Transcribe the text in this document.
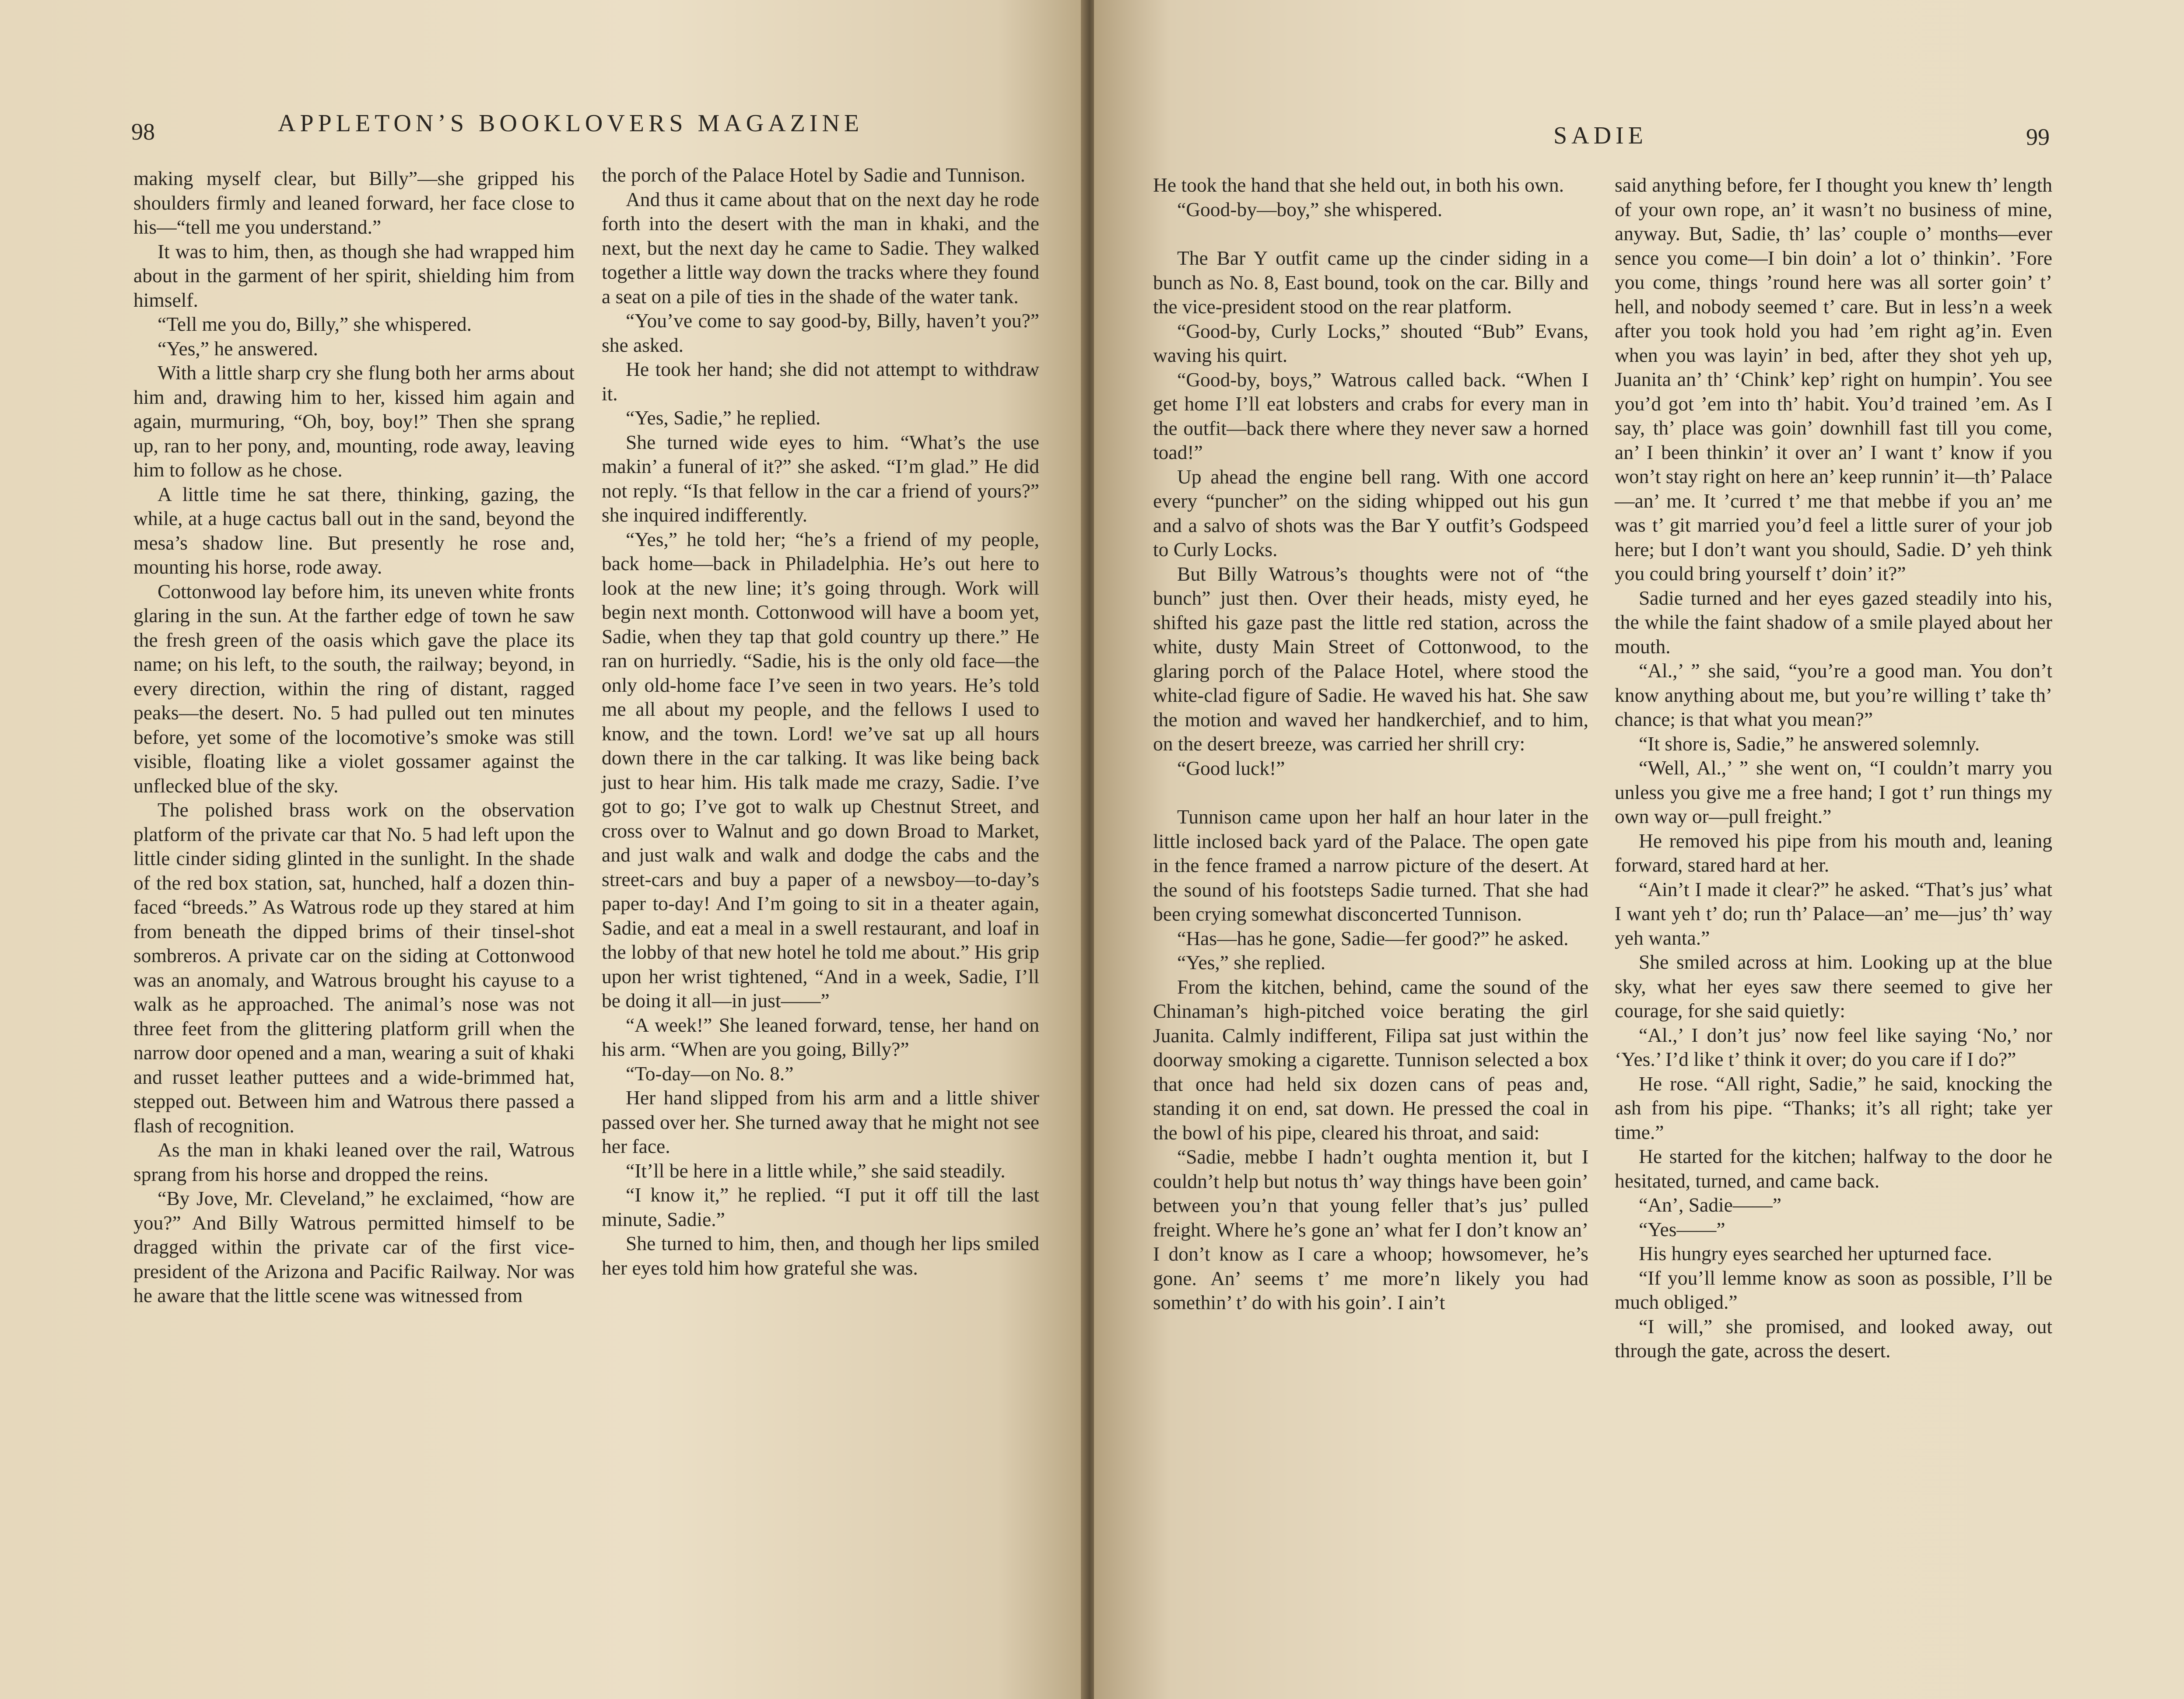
98	APPLETON’S BOOKLOVERS MAGAZINE

making myself clear, but Billy”—she gripped his shoulders firmly and leaned forward, her face close to his—“tell me you understand.”

It was to him, then, as though she had wrapped him about in the garment of her spirit, shielding him from himself.

“Tell me you do, Billy,” she whispered.

“Yes,” he answered.

With a little sharp cry she flung both her arms about him and, drawing him to her, kissed him again and again, murmuring, “Oh, boy, boy!” Then she sprang up, ran to her pony, and, mounting, rode away, leaving him to follow as he chose.

A little time he sat there, thinking, gazing, the while, at a huge cactus ball out in the sand, beyond the mesa’s shadow line. But presently he rose and, mounting his horse, rode away.

Cottonwood lay before him, its uneven white fronts glaring in the sun. At the farther edge of town he saw the fresh green of the oasis which gave the place its name; on his left, to the south, the railway; beyond, in every direction, within the ring of distant, ragged peaks—the desert. No. 5 had pulled out ten minutes before, yet some of the locomotive’s smoke was still visible, floating like a violet gossamer against the unflecked blue of the sky.

The polished brass work on the observation platform of the private car that No. 5 had left upon the little cinder siding glinted in the sunlight. In the shade of the red box station, sat, hunched, half a dozen thin-faced “breeds.” As Watrous rode up they stared at him from beneath the dipped brims of their tinsel-shot sombreros. A private car on the siding at Cottonwood was an anomaly, and Watrous brought his cayuse to a walk as he approached. The animal’s nose was not three feet from the glittering platform grill when the narrow door opened and a man, wearing a suit of khaki and russet leather puttees and a wide-brimmed hat, stepped out. Between him and Watrous there passed a flash of recognition.

As the man in khaki leaned over the rail, Watrous sprang from his horse and dropped the reins.

“By Jove, Mr. Cleveland,” he exclaimed, “how are you?” And Billy Watrous permitted himself to be dragged within the private car of the first vice-president of the Arizona and Pacific Railway. Nor was he aware that the little scene was witnessed from

the porch of the Palace Hotel by Sadie and Tunnison.

And thus it came about that on the next day he rode forth into the desert with the man in khaki, and the next, but the next day he came to Sadie. They walked together a little way down the tracks where they found a seat on a pile of ties in the shade of the water tank.

“You’ve come to say good-by, Billy, haven’t you?” she asked.

He took her hand; she did not attempt to withdraw it.

“Yes, Sadie,” he replied.

She turned wide eyes to him. “What’s the use makin’ a funeral of it?” she asked. “I’m glad.” He did not reply. “Is that fellow in the car a friend of yours?” she inquired indifferently.

“Yes,” he told her; “he’s a friend of my people, back home—back in Philadelphia. He’s out here to look at the new line; it’s going through. Work will begin next month. Cottonwood will have a boom yet, Sadie, when they tap that gold country up there.” He ran on hurriedly. “Sadie, his is the only old face—the only old-home face I’ve seen in two years. He’s told me all about my people, and the fellows I used to know, and the town. Lord! we’ve sat up all hours down there in the car talking. It was like being back just to hear him. His talk made me crazy, Sadie. I’ve got to go; I’ve got to walk up Chestnut Street, and cross over to Walnut and go down Broad to Market, and just walk and walk and dodge the cabs and the street-cars and buy a paper of a newsboy—to-day’s paper to-day! And I’m going to sit in a theater again, Sadie, and eat a meal in a swell restaurant, and loaf in the lobby of that new hotel he told me about.” His grip upon her wrist tightened, “And in a week, Sadie, I’ll be doing it all—in just——”

“A week!” She leaned forward, tense, her hand on his arm. “When are you going, Billy?”

“To-day—on No. 8.”

Her hand slipped from his arm and a little shiver passed over her. She turned away that he might not see her face.

“It’ll be here in a little while,” she said steadily.

“I know it,” he replied. “I put it off till the last minute, Sadie.”

She turned to him, then, and though her lips smiled her eyes told him how grateful she was.

SADIE	99

He took the hand that she held out, in both his own.

“Good-by—boy,” she whispered.

The Bar Y outfit came up the cinder siding in a bunch as No. 8, East bound, took on the car. Billy and the vice-president stood on the rear platform.

“Good-by, Curly Locks,” shouted “Bub” Evans, waving his quirt.

“Good-by, boys,” Watrous called back. “When I get home I’ll eat lobsters and crabs for every man in the outfit—back there where they never saw a horned toad!”

Up ahead the engine bell rang. With one accord every “puncher” on the siding whipped out his gun and a salvo of shots was the Bar Y outfit’s Godspeed to Curly Locks.

But Billy Watrous’s thoughts were not of “the bunch” just then. Over their heads, misty eyed, he shifted his gaze past the little red station, across the white, dusty Main Street of Cottonwood, to the glaring porch of the Palace Hotel, where stood the white-clad figure of Sadie. He waved his hat. She saw the motion and waved her handkerchief, and to him, on the desert breeze, was carried her shrill cry:

“Good luck!”

Tunnison came upon her half an hour later in the little inclosed back yard of the Palace. The open gate in the fence framed a narrow picture of the desert. At the sound of his footsteps Sadie turned. That she had been crying somewhat disconcerted Tunnison.

“Has—has he gone, Sadie—fer good?” he asked.

“Yes,” she replied.

From the kitchen, behind, came the sound of the Chinaman’s high-pitched voice berating the girl Juanita. Calmly indifferent, Filipa sat just within the doorway smoking a cigarette. Tunnison selected a box that once had held six dozen cans of peas and, standing it on end, sat down. He pressed the coal in the bowl of his pipe, cleared his throat, and said:

“Sadie, mebbe I hadn’t oughta mention it, but I couldn’t help but notus th’ way things have been goin’ between you’n that young feller that’s jus’ pulled freight. Where he’s gone an’ what fer I don’t know an’ I don’t know as I care a whoop; howsomever, he’s gone. An’ seems t’ me more’n likely you had somethin’ t’ do with his goin’. I ain’t

said anything before, fer I thought you knew th’ length of your own rope, an’ it wasn’t no business of mine, anyway. But, Sadie, th’ las’ couple o’ months—ever sence you come—I bin doin’ a lot o’ thinkin’. ’Fore you come, things ’round here was all sorter goin’ t’ hell, and nobody seemed t’ care. But in less’n a week after you took hold you had ’em right ag’in. Even when you was layin’ in bed, after they shot yeh up, Juanita an’ th’ ‘Chink’ kep’ right on humpin’. You see you’d got ’em into th’ habit. You’d trained ’em. As I say, th’ place was goin’ downhill fast till you come, an’ I been thinkin’ it over an’ I want t’ know if you won’t stay right on here an’ keep runnin’ it—th’ Palace—an’ me. It ’curred t’ me that mebbe if you an’ me was t’ git married you’d feel a little surer of your job here; but I don’t want you should, Sadie. D’ yeh think you could bring yourself t’ doin’ it?”

Sadie turned and her eyes gazed steadily into his, the while the faint shadow of a smile played about her mouth.

“Al.,’ ” she said, “you’re a good man. You don’t know anything about me, but you’re willing t’ take th’ chance; is that what you mean?”

“It shore is, Sadie,” he answered solemnly.

“Well, Al.,’ ” she went on, “I couldn’t marry you unless you give me a free hand; I got t’ run things my own way or—pull freight.”

He removed his pipe from his mouth and, leaning forward, stared hard at her.

“Ain’t I made it clear?” he asked. “That’s jus’ what I want yeh t’ do; run th’ Palace—an’ me—jus’ th’ way yeh wanta.”

She smiled across at him. Looking up at the blue sky, what her eyes saw there seemed to give her courage, for she said quietly:

“Al.,’ I don’t jus’ now feel like saying ‘No,’ nor ‘Yes.’ I’d like t’ think it over; do you care if I do?”

He rose. “All right, Sadie,” he said, knocking the ash from his pipe. “Thanks; it’s all right; take yer time.”

He started for the kitchen; halfway to the door he hesitated, turned, and came back.

“An’, Sadie——”

“Yes——”

His hungry eyes searched her upturned face.

“If you’ll lemme know as soon as possible, I’ll be much obliged.”

“I will,” she promised, and looked away, out through the gate, across the desert.
